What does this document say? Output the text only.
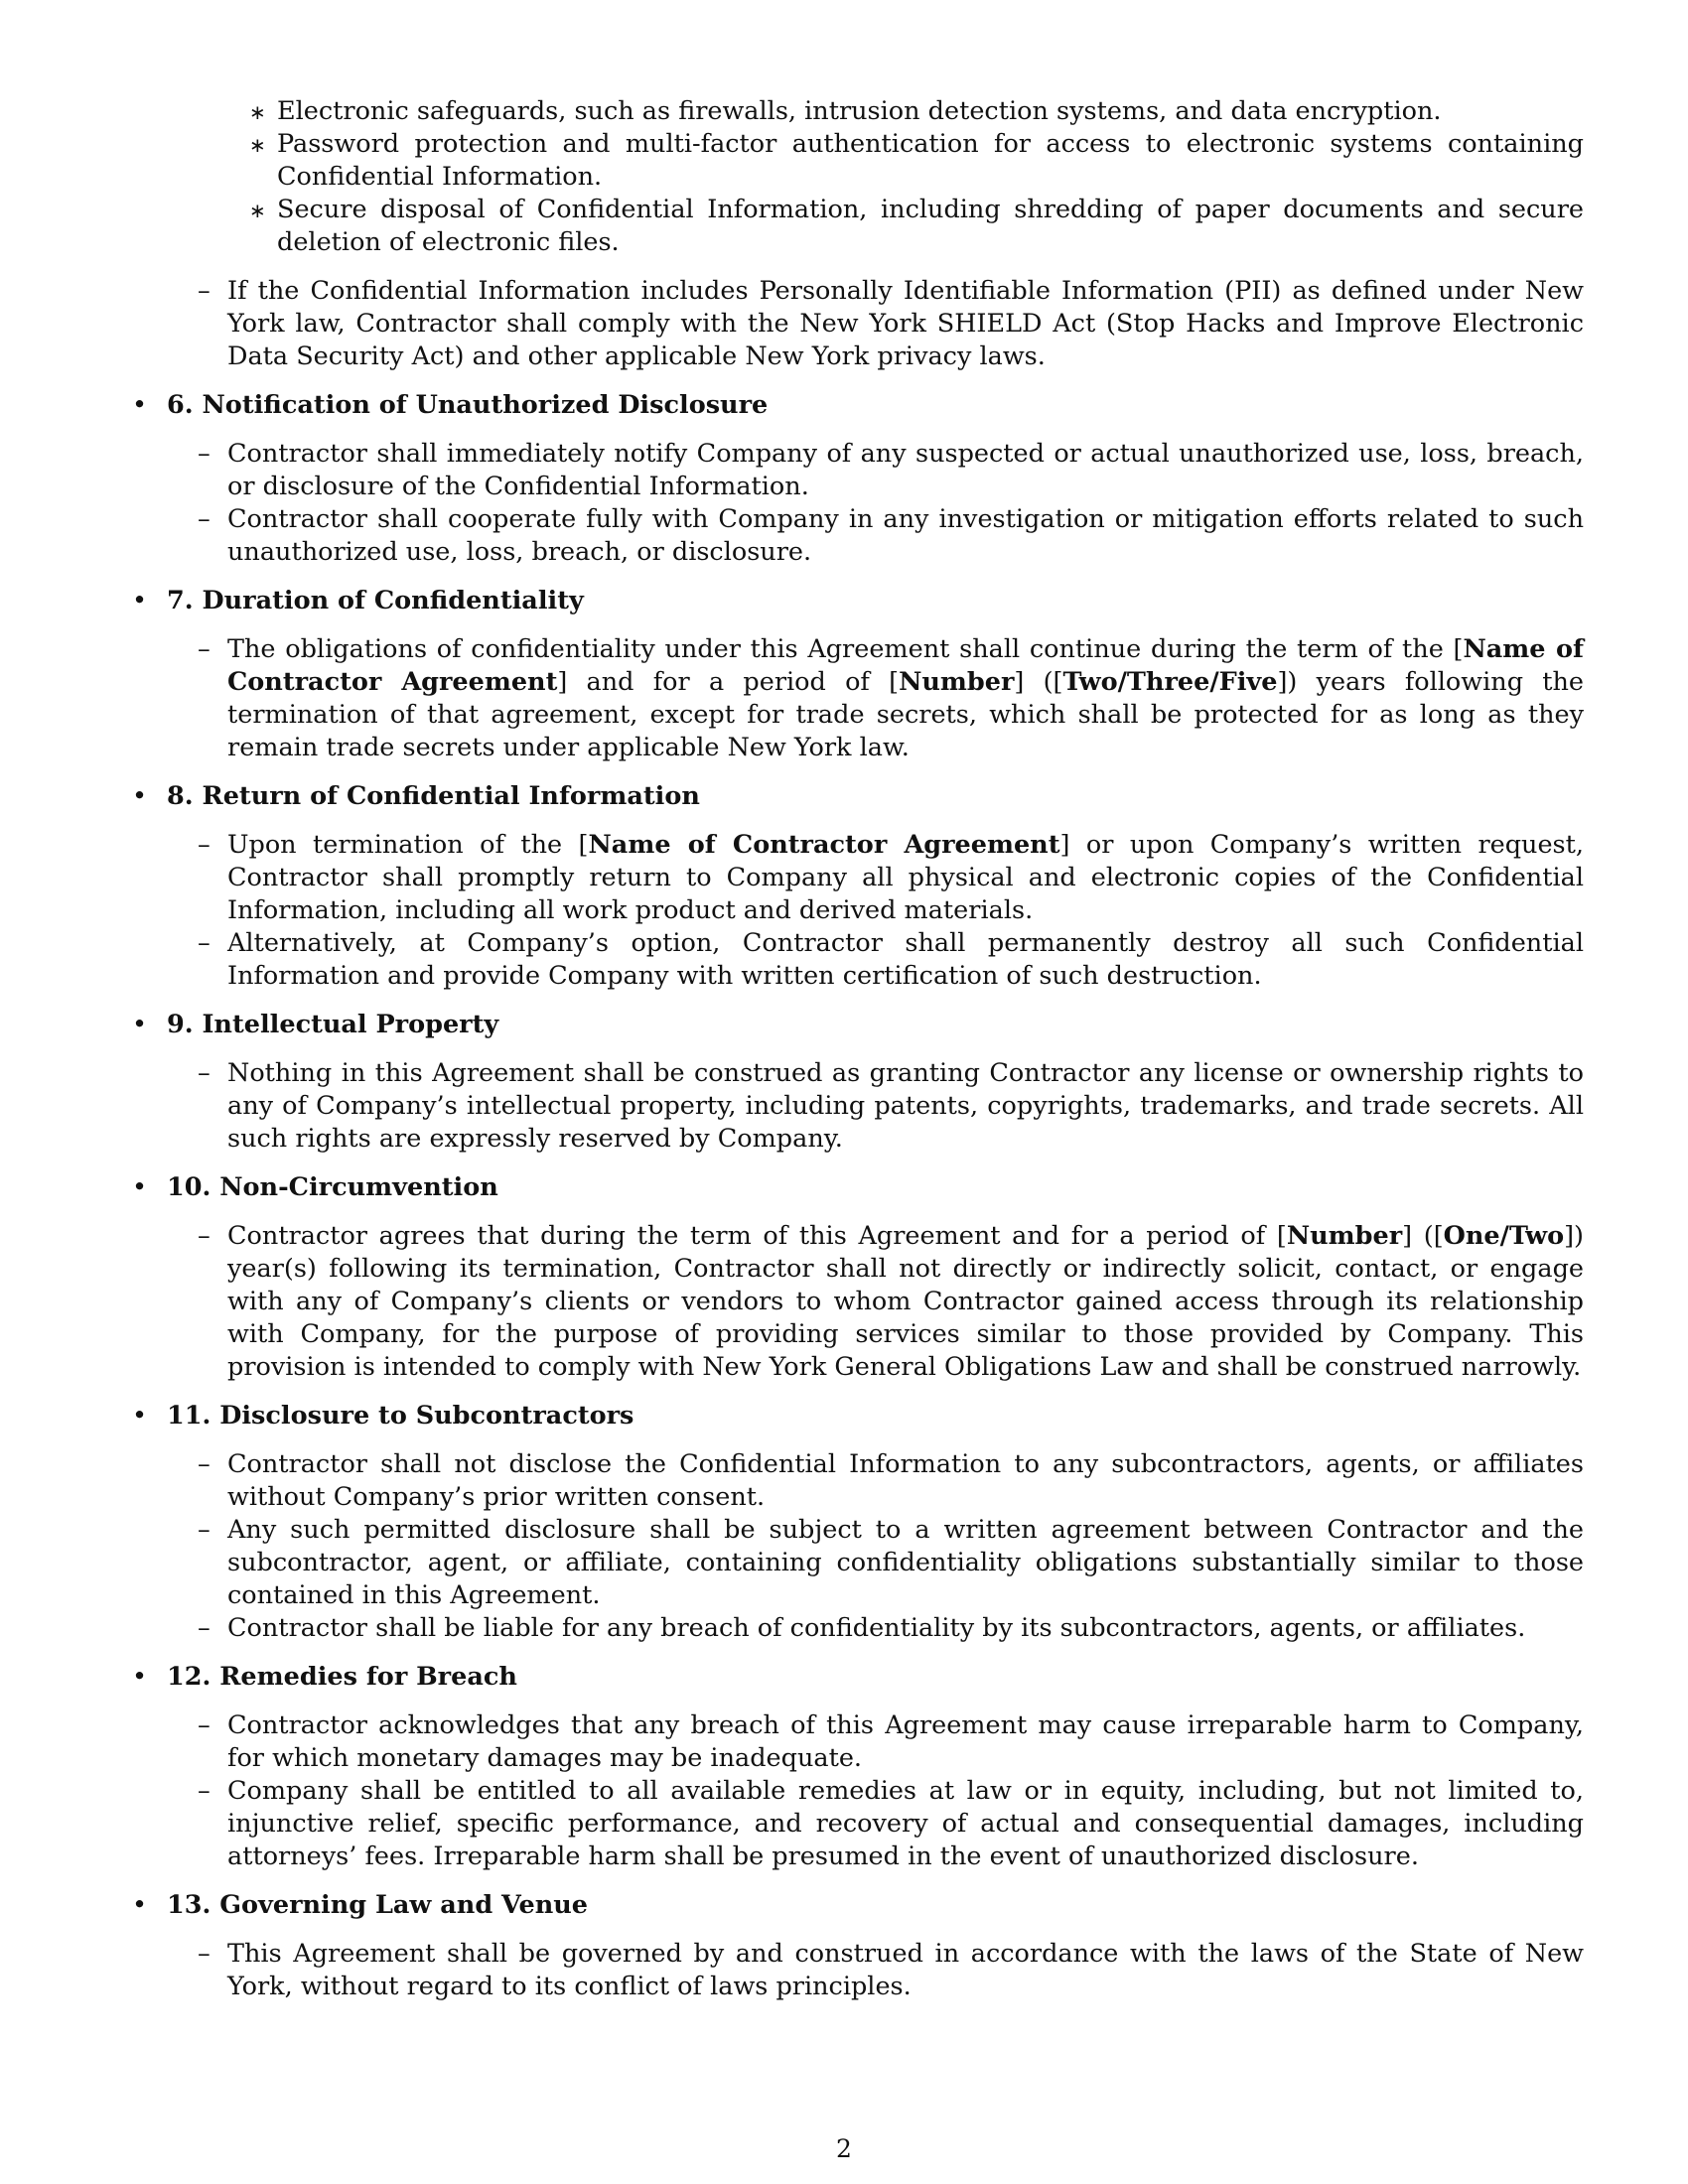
∗ Electronic safeguards, such as firewalls, intrusion detection systems, and data encryption.
∗ Password protection and multi-factor authentication for access to electronic systems containing Confidential Information.
∗ Secure disposal of Confidential Information, including shredding of paper documents and secure deletion of electronic files.
– If the Confidential Information includes Personally Identifiable Information (PII) as defined under New York law, Contractor shall comply with the New York SHIELD Act (Stop Hacks and Improve Electronic Data Security Act) and other applicable New York privacy laws.
• 6. Notification of Unauthorized Disclosure
– Contractor shall immediately notify Company of any suspected or actual unauthorized use, loss, breach, or disclosure of the Confidential Information.
– Contractor shall cooperate fully with Company in any investigation or mitigation efforts related to such unauthorized use, loss, breach, or disclosure.
• 7. Duration of Confidentiality
– The obligations of confidentiality under this Agreement shall continue during the term of the [Name of Contractor Agreement] and for a period of [Number] ([Two/Three/Five]) years following the termination of that agreement, except for trade secrets, which shall be protected for as long as they remain trade secrets under applicable New York law.
• 8. Return of Confidential Information
– Upon termination of the [Name of Contractor Agreement] or upon Company’s written request, Contractor shall promptly return to Company all physical and electronic copies of the Confidential Information, including all work product and derived materials.
– Alternatively, at Company’s option, Contractor shall permanently destroy all such Confidential Information and provide Company with written certification of such destruction.
• 9. Intellectual Property
– Nothing in this Agreement shall be construed as granting Contractor any license or ownership rights to any of Company’s intellectual property, including patents, copyrights, trademarks, and trade secrets. All such rights are expressly reserved by Company.
• 10. Non-Circumvention
– Contractor agrees that during the term of this Agreement and for a period of [Number] ([One/Two]) year(s) following its termination, Contractor shall not directly or indirectly solicit, contact, or engage with any of Company’s clients or vendors to whom Contractor gained access through its relationship with Company, for the purpose of providing services similar to those provided by Company. This provision is intended to comply with New York General Obligations Law and shall be construed narrowly.
• 11. Disclosure to Subcontractors
– Contractor shall not disclose the Confidential Information to any subcontractors, agents, or affiliates without Company’s prior written consent.
– Any such permitted disclosure shall be subject to a written agreement between Contractor and the subcontractor, agent, or affiliate, containing confidentiality obligations substantially similar to those contained in this Agreement.
– Contractor shall be liable for any breach of confidentiality by its subcontractors, agents, or affiliates.
• 12. Remedies for Breach
– Contractor acknowledges that any breach of this Agreement may cause irreparable harm to Company, for which monetary damages may be inadequate.
– Company shall be entitled to all available remedies at law or in equity, including, but not limited to, injunctive relief, specific performance, and recovery of actual and consequential damages, including attorneys’ fees. Irreparable harm shall be presumed in the event of unauthorized disclosure.
• 13. Governing Law and Venue
– This Agreement shall be governed by and construed in accordance with the laws of the State of New York, without regard to its conflict of laws principles.
2
